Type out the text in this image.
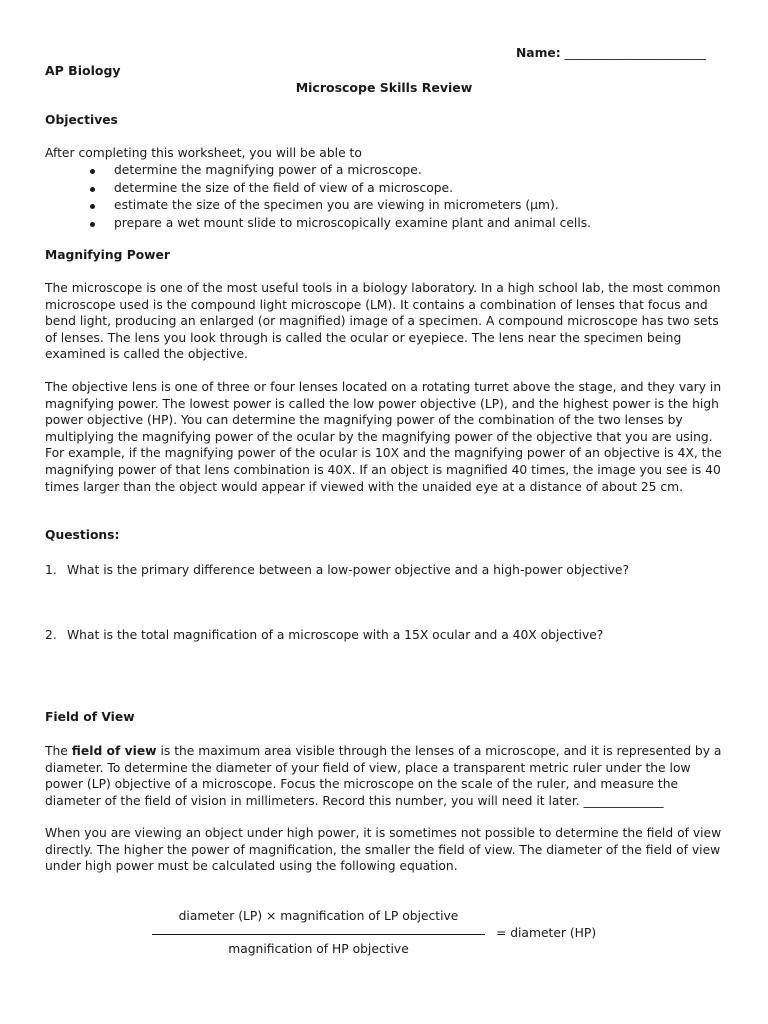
Name: _______________________
AP Biology
Microscope Skills Review
Objectives
After completing this worksheet, you will be able to
determine the magnifying power of a microscope.
determine the size of the field of view of a microscope.
estimate the size of the specimen you are viewing in micrometers (μm).
prepare a wet mount slide to microscopically examine plant and animal cells.
Magnifying Power
The microscope is one of the most useful tools in a biology laboratory. In a high school lab, the most common microscope used is the compound light microscope (LM). It contains a combination of lenses that focus and bend light, producing an enlarged (or magnified) image of a specimen. A compound microscope has two sets of lenses. The lens you look through is called the ocular or eyepiece. The lens near the specimen being examined is called the objective.
The objective lens is one of three or four lenses located on a rotating turret above the stage, and they vary in magnifying power. The lowest power is called the low power objective (LP), and the highest power is the high power objective (HP). You can determine the magnifying power of the combination of the two lenses by multiplying the magnifying power of the ocular by the magnifying power of the objective that you are using. For example, if the magnifying power of the ocular is 10X and the magnifying power of an objective is 4X, the magnifying power of that lens combination is 40X. If an object is magnified 40 times, the image you see is 40 times larger than the object would appear if viewed with the unaided eye at a distance of about 25 cm.
Questions:
1. What is the primary difference between a low-power objective and a high-power objective?
2. What is the total magnification of a microscope with a 15X ocular and a 40X objective?
Field of View
The field of view is the maximum area visible through the lenses of a microscope, and it is represented by a diameter. To determine the diameter of your field of view, place a transparent metric ruler under the low power (LP) objective of a microscope. Focus the microscope on the scale of the ruler, and measure the diameter of the field of vision in millimeters. Record this number, you will need it later. _____________
When you are viewing an object under high power, it is sometimes not possible to determine the field of view directly. The higher the power of magnification, the smaller the field of view. The diameter of the field of view under high power must be calculated using the following equation.
diameter (LP) × magnification of LP objective
magnification of HP objective
= diameter (HP)
